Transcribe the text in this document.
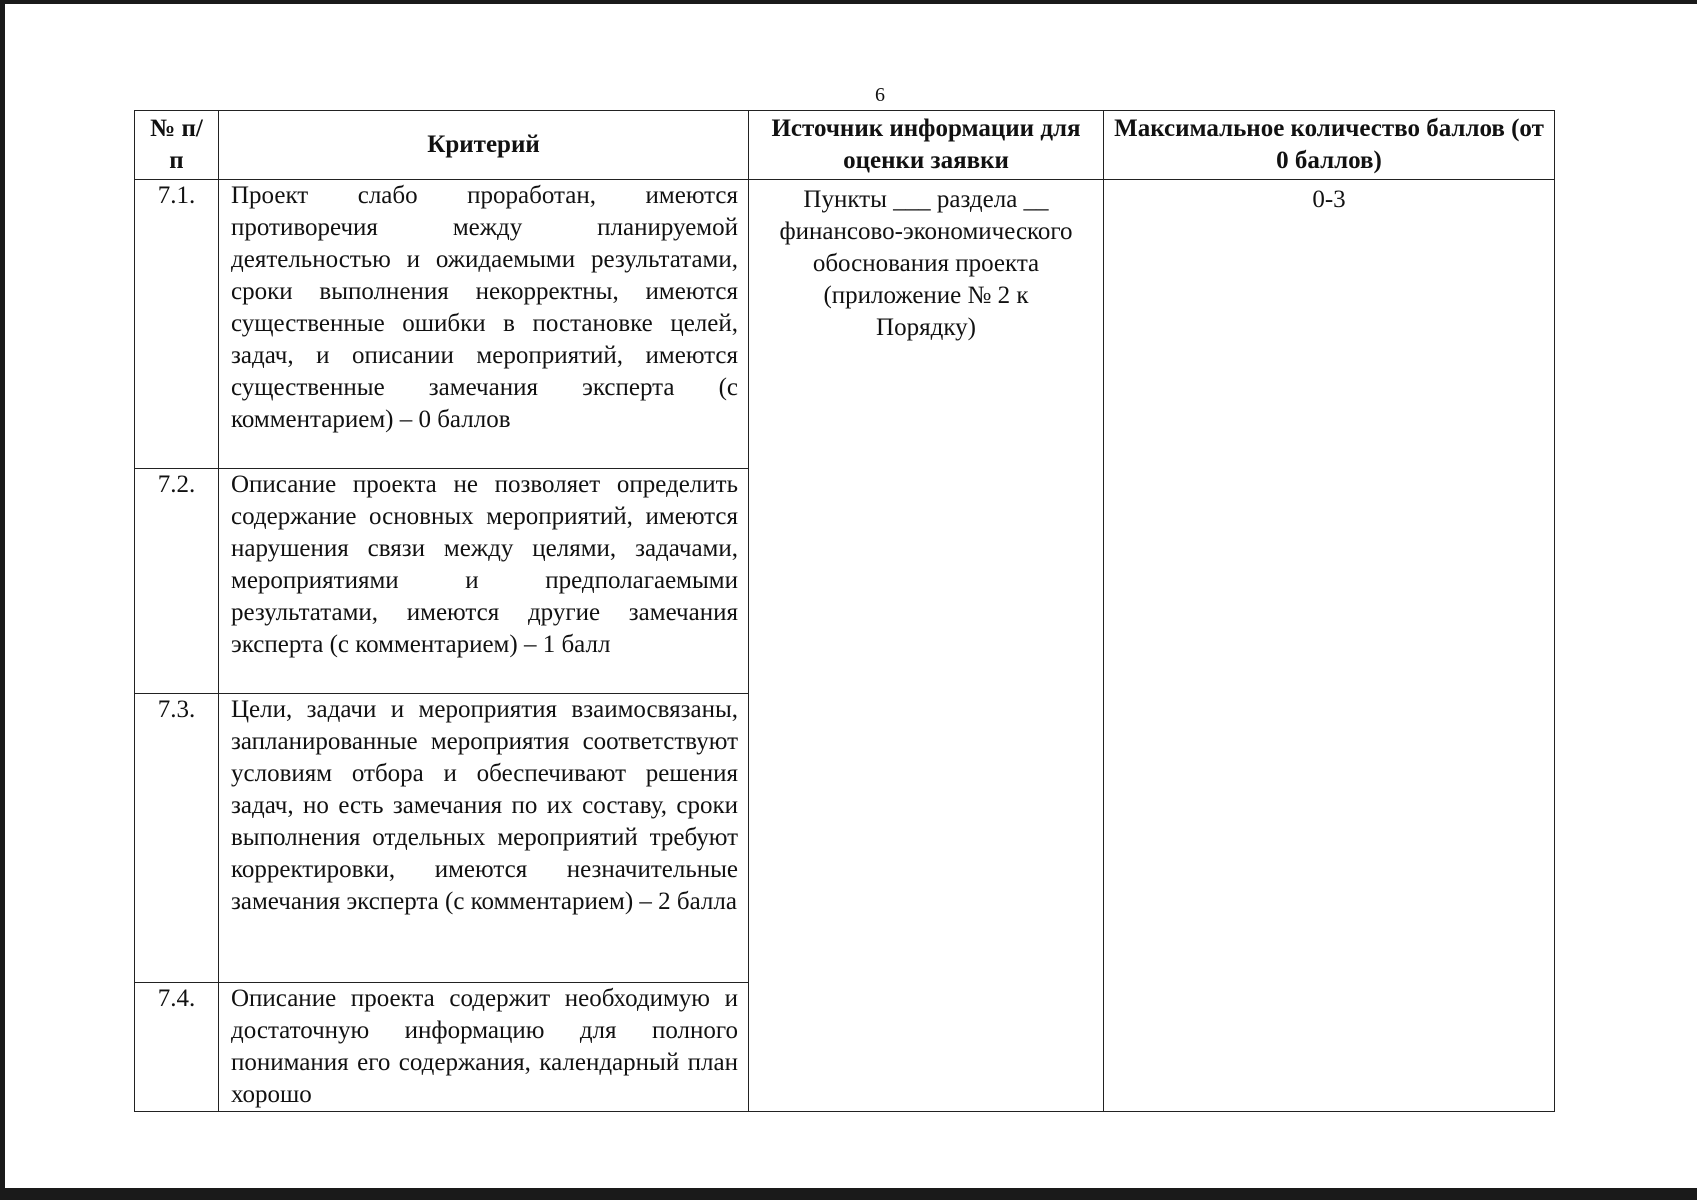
6
№ п/п	Критерий	Источник информации для оценки заявки	Максимальное количество баллов (от 0 баллов)
7.1.	Проект слабо проработан, имеются противоречия между планируемой деятельностью и ожидаемыми результатами, сроки выполнения некорректны, имеются существенные ошибки в постановке целей, задач, и описании мероприятий, имеются существенные замечания эксперта (с комментарием) – 0 баллов	Пункты ___ раздела __ финансово-экономического обоснования проекта (приложение № 2 к Порядку)	0-3
7.2.	Описание проекта не позволяет определить содержание основных мероприятий, имеются нарушения связи между целями, задачами, мероприятиями и предполагаемыми результатами, имеются другие замечания эксперта (с комментарием) – 1 балл		
7.3.	Цели, задачи и мероприятия взаимосвязаны, запланированные мероприятия соответствуют условиям отбора и обеспечивают решения задач, но есть замечания по их составу, сроки выполнения отдельных мероприятий требуют корректировки, имеются незначительные замечания эксперта (с комментарием) – 2 балла		
7.4.	Описание проекта содержит необходимую и достаточную информацию для полного понимания его содержания, календарный план хорошо		
